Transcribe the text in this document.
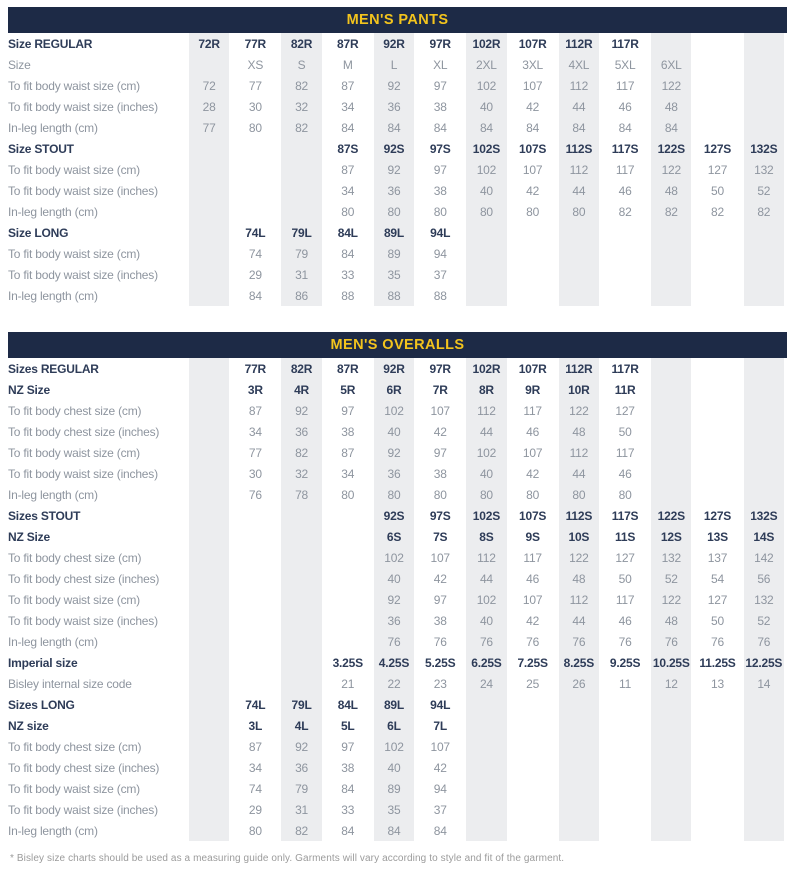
MEN'S PANTS
Size REGULAR	72R	77R	82R	87R	92R	97R	102R	107R	112R	117R			
Size		XS	S	M	L	XL	2XL	3XL	4XL	5XL	6XL		
To fit body waist size (cm)	72	77	82	87	92	97	102	107	112	117	122		
To fit body waist size (inches)	28	30	32	34	36	38	40	42	44	46	48		
In-leg length (cm)	77	80	82	84	84	84	84	84	84	84	84		
Size STOUT				87S	92S	97S	102S	107S	112S	117S	122S	127S	132S
To fit body waist size (cm)				87	92	97	102	107	112	117	122	127	132
To fit body waist size (inches)				34	36	38	40	42	44	46	48	50	52
In-leg length (cm)				80	80	80	80	80	80	82	82	82	82
Size LONG		74L	79L	84L	89L	94L							
To fit body waist size (cm)		74	79	84	89	94							
To fit body waist size (inches)		29	31	33	35	37							
In-leg length (cm)		84	86	88	88	88							
MEN'S OVERALLS
Sizes REGULAR		77R	82R	87R	92R	97R	102R	107R	112R	117R			
NZ Size		3R	4R	5R	6R	7R	8R	9R	10R	11R			
To fit body chest size (cm)		87	92	97	102	107	112	117	122	127			
To fit body chest size (inches)		34	36	38	40	42	44	46	48	50			
To fit body waist size (cm)		77	82	87	92	97	102	107	112	117			
To fit body waist size (inches)		30	32	34	36	38	40	42	44	46			
In-leg length (cm)		76	78	80	80	80	80	80	80	80			
Sizes STOUT					92S	97S	102S	107S	112S	117S	122S	127S	132S
NZ Size					6S	7S	8S	9S	10S	11S	12S	13S	14S
To fit body chest size (cm)					102	107	112	117	122	127	132	137	142
To fit body chest size (inches)					40	42	44	46	48	50	52	54	56
To fit body waist size (cm)					92	97	102	107	112	117	122	127	132
To fit body waist size (inches)					36	38	40	42	44	46	48	50	52
In-leg length (cm)					76	76	76	76	76	76	76	76	76
Imperial size				3.25S	4.25S	5.25S	6.25S	7.25S	8.25S	9.25S	10.25S	11.25S	12.25S
Bisley internal size code				21	22	23	24	25	26	11	12	13	14
Sizes LONG		74L	79L	84L	89L	94L							
NZ size		3L	4L	5L	6L	7L							
To fit body chest size (cm)		87	92	97	102	107							
To fit body chest size (inches)		34	36	38	40	42							
To fit body waist size (cm)		74	79	84	89	94							
To fit body waist size (inches)		29	31	33	35	37							
In-leg length (cm)		80	82	84	84	84							

* Bisley size charts should be used as a measuring guide only. Garments will vary according to style and fit of the garment.
